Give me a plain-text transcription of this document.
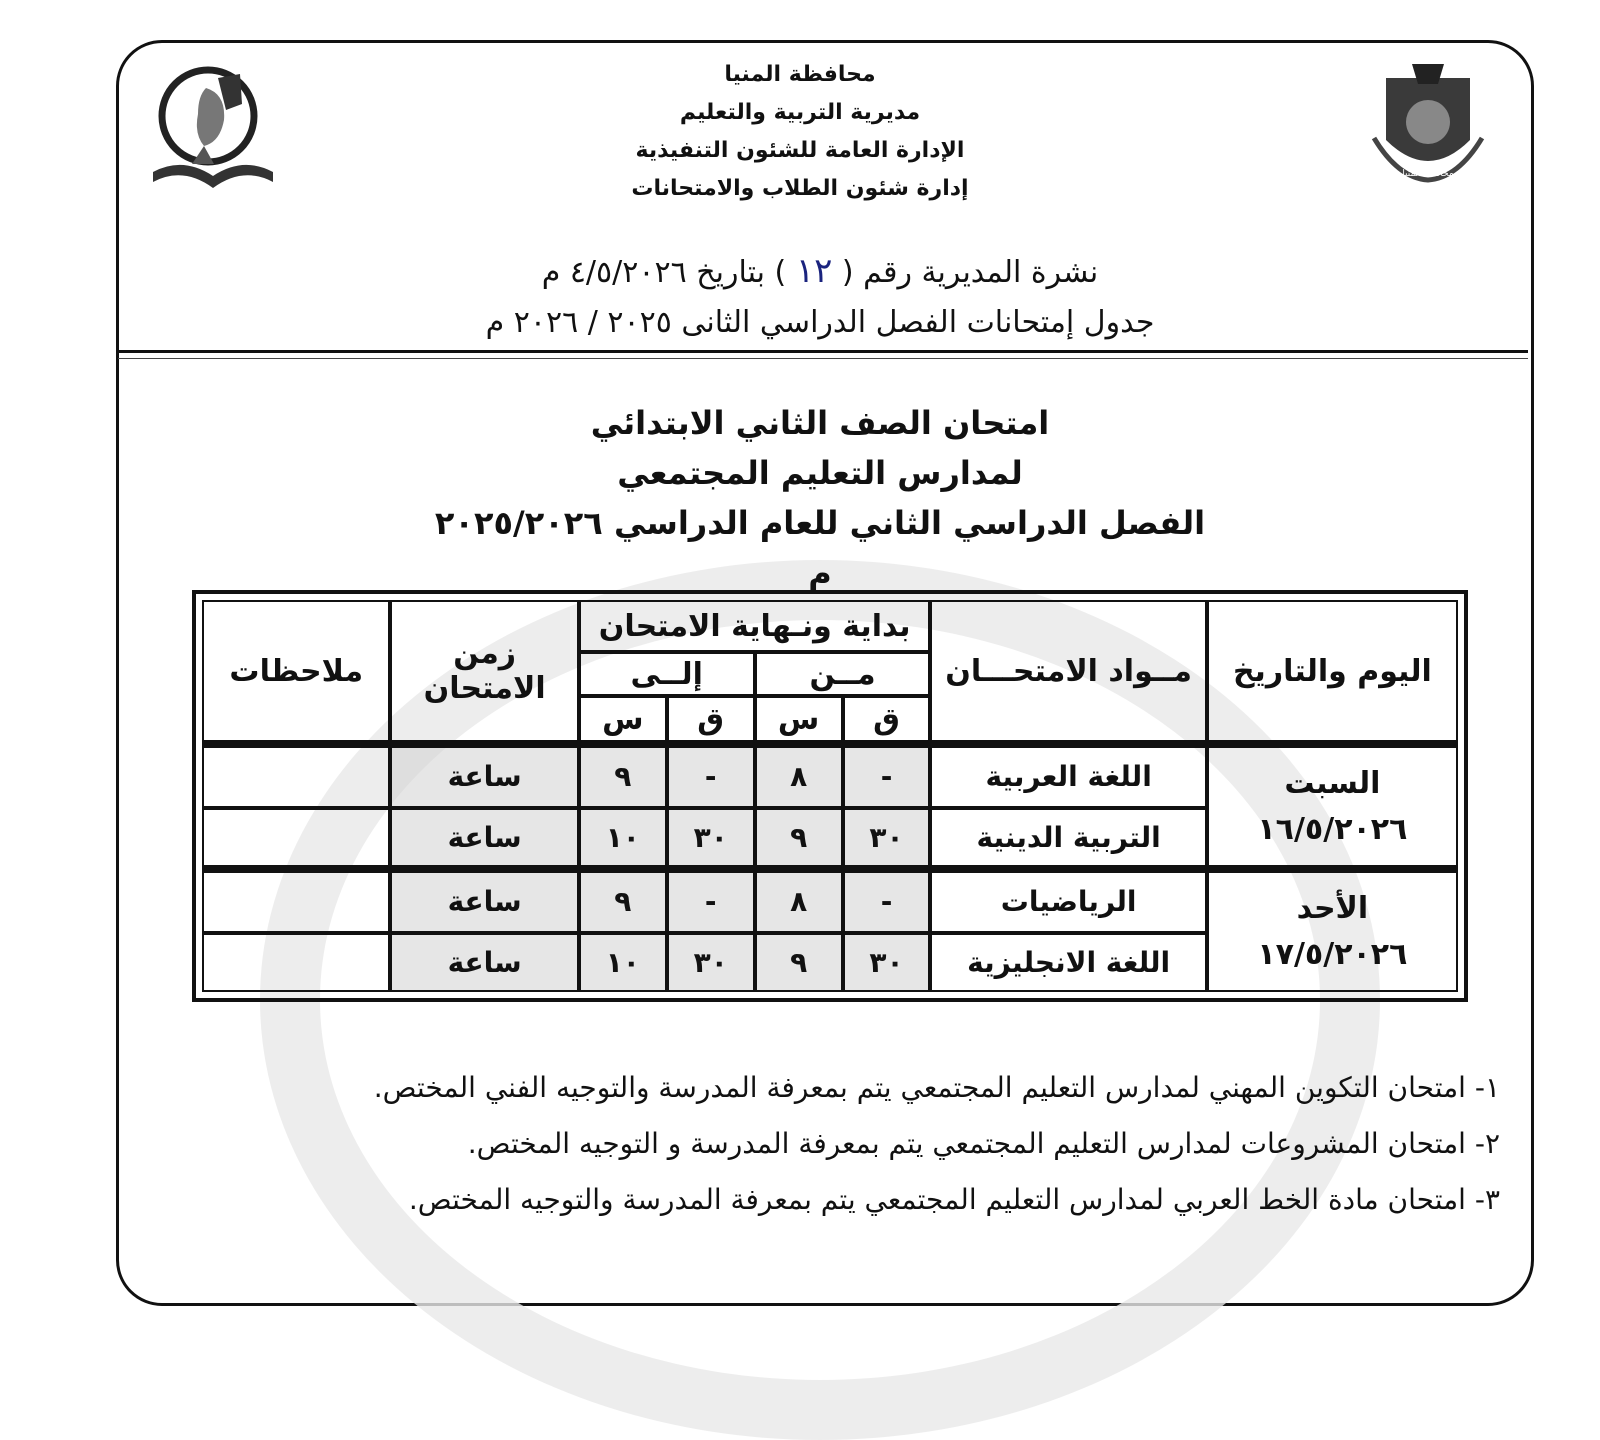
محافظة المنيا
محافظة المنيا
مديرية التربية والتعليم
الإدارة العامة للشئون التنفيذية
إدارة شئون الطلاب والامتحانات
نشرة المديرية رقم ( ١٢ ) بتاريخ ٤/٥/٢٠٢٦ م
جدول إمتحانات الفصل الدراسي الثانى ٢٠٢٥ / ٢٠٢٦ م
امتحان الصف الثاني الابتدائي
لمدارس التعليم المجتمعي
الفصل الدراسي الثاني للعام الدراسي ٢٠٢٥/٢٠٢٦ م
اليوم والتاريخ	مــواد الامتحـــان	بداية ونـهاية الامتحان				زمن الامتحان	ملاحظات
		مــن		إلــى			
		ق	س	ق	س		

السبت
١٦/٥/٢٠٢٦	اللغة العربية	-	٨	-	٩	ساعة	
	التربية الدينية	٣٠	٩	٣٠	١٠	ساعة	

الأحد
١٧/٥/٢٠٢٦	الرياضيات	-	٨	-	٩	ساعة	
	اللغة الانجليزية	٣٠	٩	٣٠	١٠	ساعة	
١- امتحان التكوين المهني لمدارس التعليم المجتمعي يتم بمعرفة المدرسة والتوجيه الفني المختص.
٢- امتحان المشروعات لمدارس التعليم المجتمعي يتم بمعرفة المدرسة و التوجيه المختص.
٣- امتحان مادة الخط العربي لمدارس التعليم المجتمعي يتم بمعرفة المدرسة والتوجيه المختص.
